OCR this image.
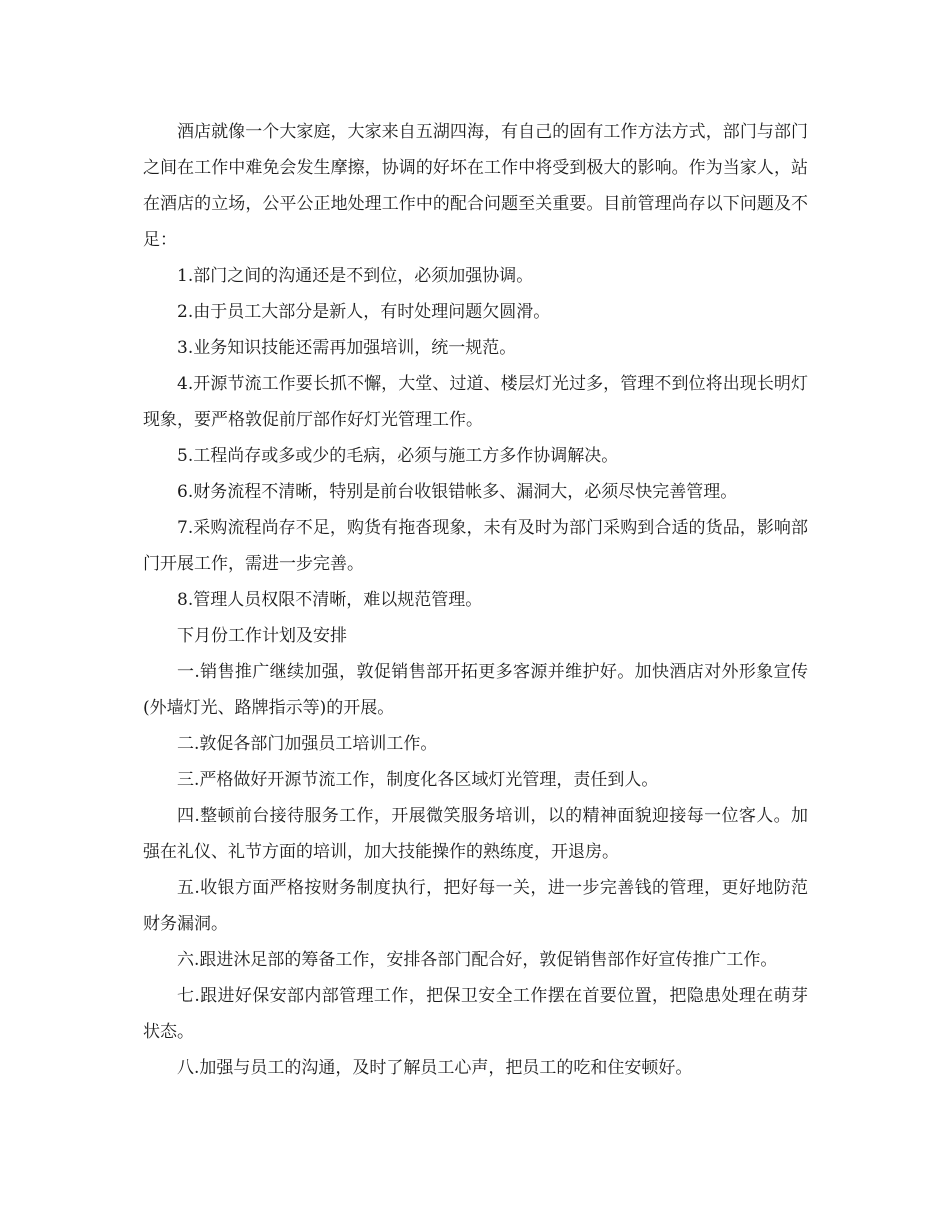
酒店就像一个大家庭，大家来自五湖四海，有自己的固有工作方法方式，部门与部门之间在工作中难免会发生摩擦，协调的好坏在工作中将受到极大的影响。作为当家人，站在酒店的立场，公平公正地处理工作中的配合问题至关重要。目前管理尚存以下问题及不足：

1.部门之间的沟通还是不到位，必须加强协调。

2.由于员工大部分是新人，有时处理问题欠圆滑。

3.业务知识技能还需再加强培训，统一规范。

4.开源节流工作要长抓不懈，大堂、过道、楼层灯光过多，管理不到位将出现长明灯现象，要严格敦促前厅部作好灯光管理工作。

5.工程尚存或多或少的毛病，必须与施工方多作协调解决。

6.财务流程不清晰，特别是前台收银错帐多、漏洞大，必须尽快完善管理。

7.采购流程尚存不足，购货有拖沓现象，未有及时为部门采购到合适的货品，影响部门开展工作，需进一步完善。

8.管理人员权限不清晰，难以规范管理。

下月份工作计划及安排

一.销售推广继续加强，敦促销售部开拓更多客源并维护好。加快酒店对外形象宣传(外墙灯光、路牌指示等)的开展。

二.敦促各部门加强员工培训工作。

三.严格做好开源节流工作，制度化各区域灯光管理，责任到人。

四.整顿前台接待服务工作，开展微笑服务培训，以的精神面貌迎接每一位客人。加强在礼仪、礼节方面的培训，加大技能操作的熟练度，开退房。

五.收银方面严格按财务制度执行，把好每一关，进一步完善钱的管理，更好地防范财务漏洞。

六.跟进沐足部的筹备工作，安排各部门配合好，敦促销售部作好宣传推广工作。

七.跟进好保安部内部管理工作，把保卫安全工作摆在首要位置，把隐患处理在萌芽状态。

八.加强与员工的沟通，及时了解员工心声，把员工的吃和住安顿好。
